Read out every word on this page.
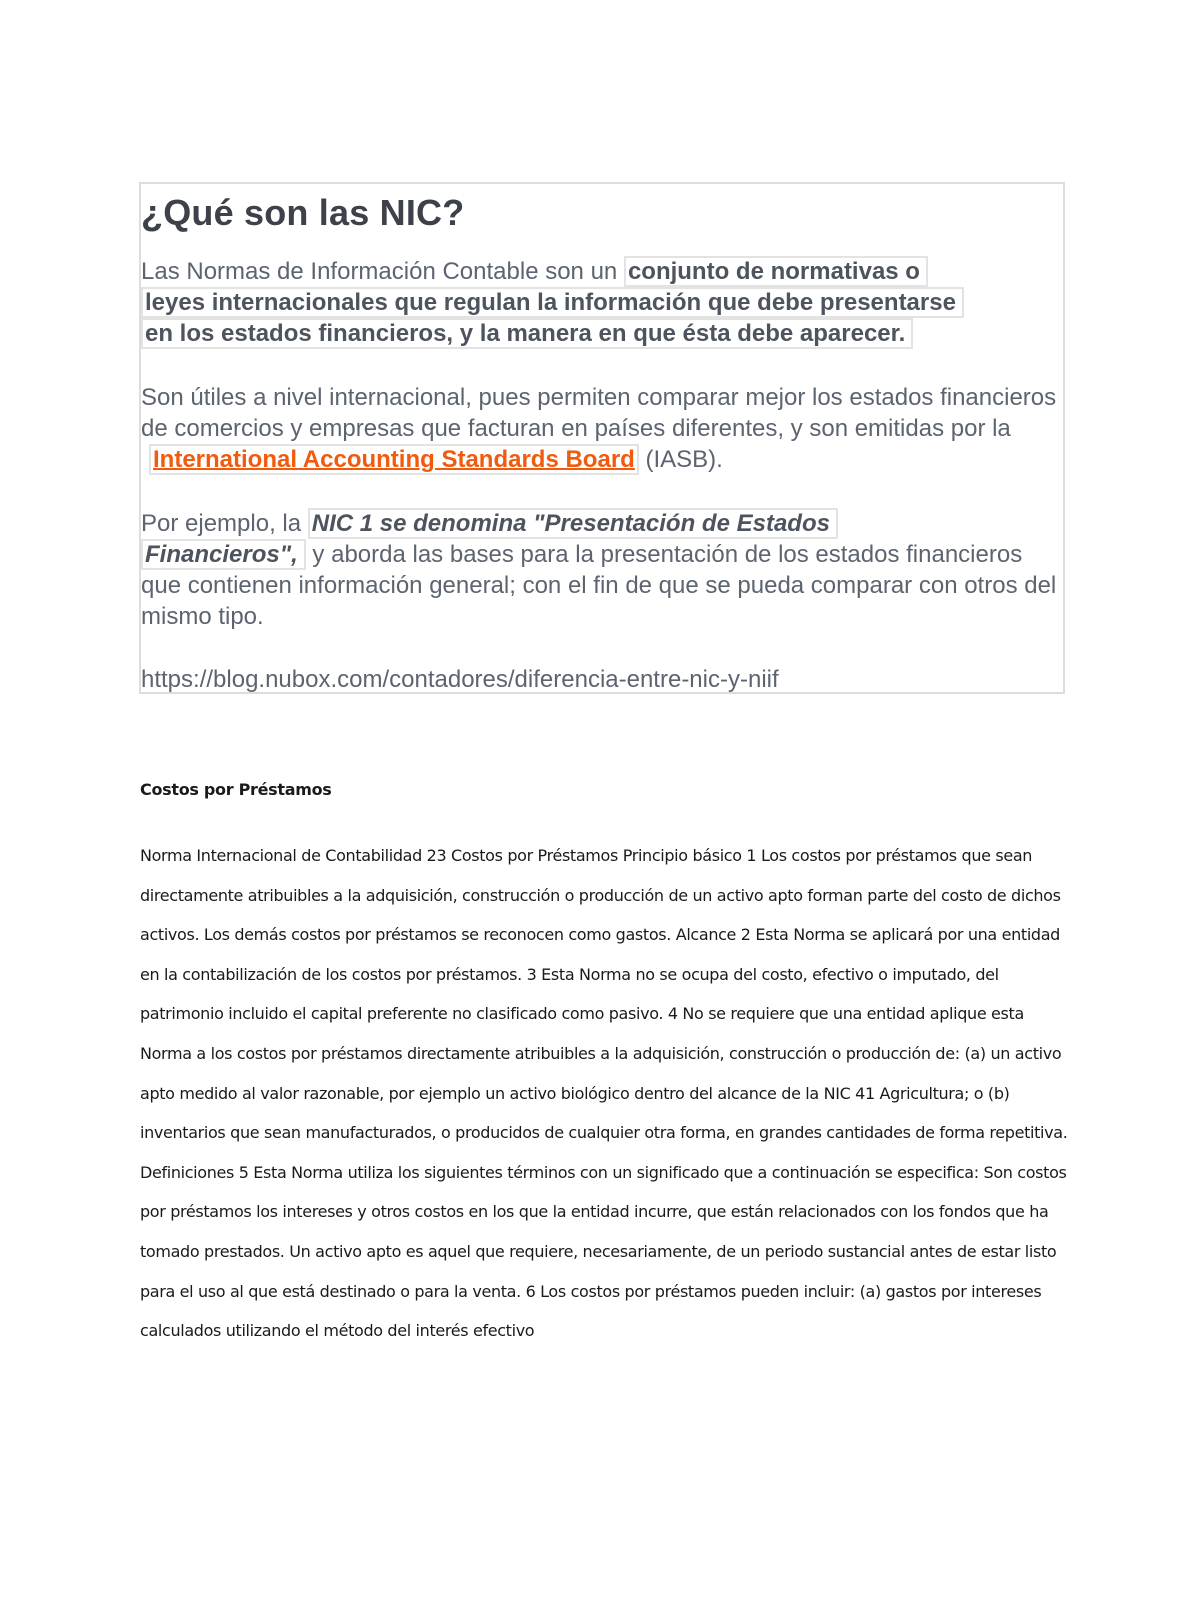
¿Qué son las NIC?

Las Normas de Información Contable son un conjunto de normativas o
leyes internacionales que regulan la información que debe presentarse
en los estados financieros, y la manera en que ésta debe aparecer.

Son útiles a nivel internacional, pues permiten comparar mejor los estados financieros de comercios y empresas que facturan en países diferentes, y son emitidas por la International Accounting Standards Board (IASB).

Por ejemplo, la NIC 1 se denomina "Presentación de Estados
Financieros", y aborda las bases para la presentación de los estados financieros que contienen información general; con el fin de que se pueda comparar con otros del mismo tipo.

https://blog.nubox.com/contadores/diferencia-entre-nic-y-niif

Costos por Préstamos

Norma Internacional de Contabilidad 23 Costos por Préstamos Principio básico 1 Los costos por préstamos que sean directamente atribuibles a la adquisición, construcción o producción de un activo apto forman parte del costo de dichos activos. Los demás costos por préstamos se reconocen como gastos. Alcance 2 Esta Norma se aplicará por una entidad en la contabilización de los costos por préstamos. 3 Esta Norma no se ocupa del costo, efectivo o imputado, del patrimonio incluido el capital preferente no clasificado como pasivo. 4 No se requiere que una entidad aplique esta Norma a los costos por préstamos directamente atribuibles a la adquisición, construcción o producción de: (a) un activo apto medido al valor razonable, por ejemplo un activo biológico dentro del alcance de la NIC 41 Agricultura; o (b) inventarios que sean manufacturados, o producidos de cualquier otra forma, en grandes cantidades de forma repetitiva. Definiciones 5 Esta Norma utiliza los siguientes términos con un significado que a continuación se especifica: Son costos por préstamos los intereses y otros costos en los que la entidad incurre, que están relacionados con los fondos que ha tomado prestados. Un activo apto es aquel que requiere, necesariamente, de un periodo sustancial antes de estar listo para el uso al que está destinado o para la venta. 6 Los costos por préstamos pueden incluir: (a) gastos por intereses calculados utilizando el método del interés efectivo
